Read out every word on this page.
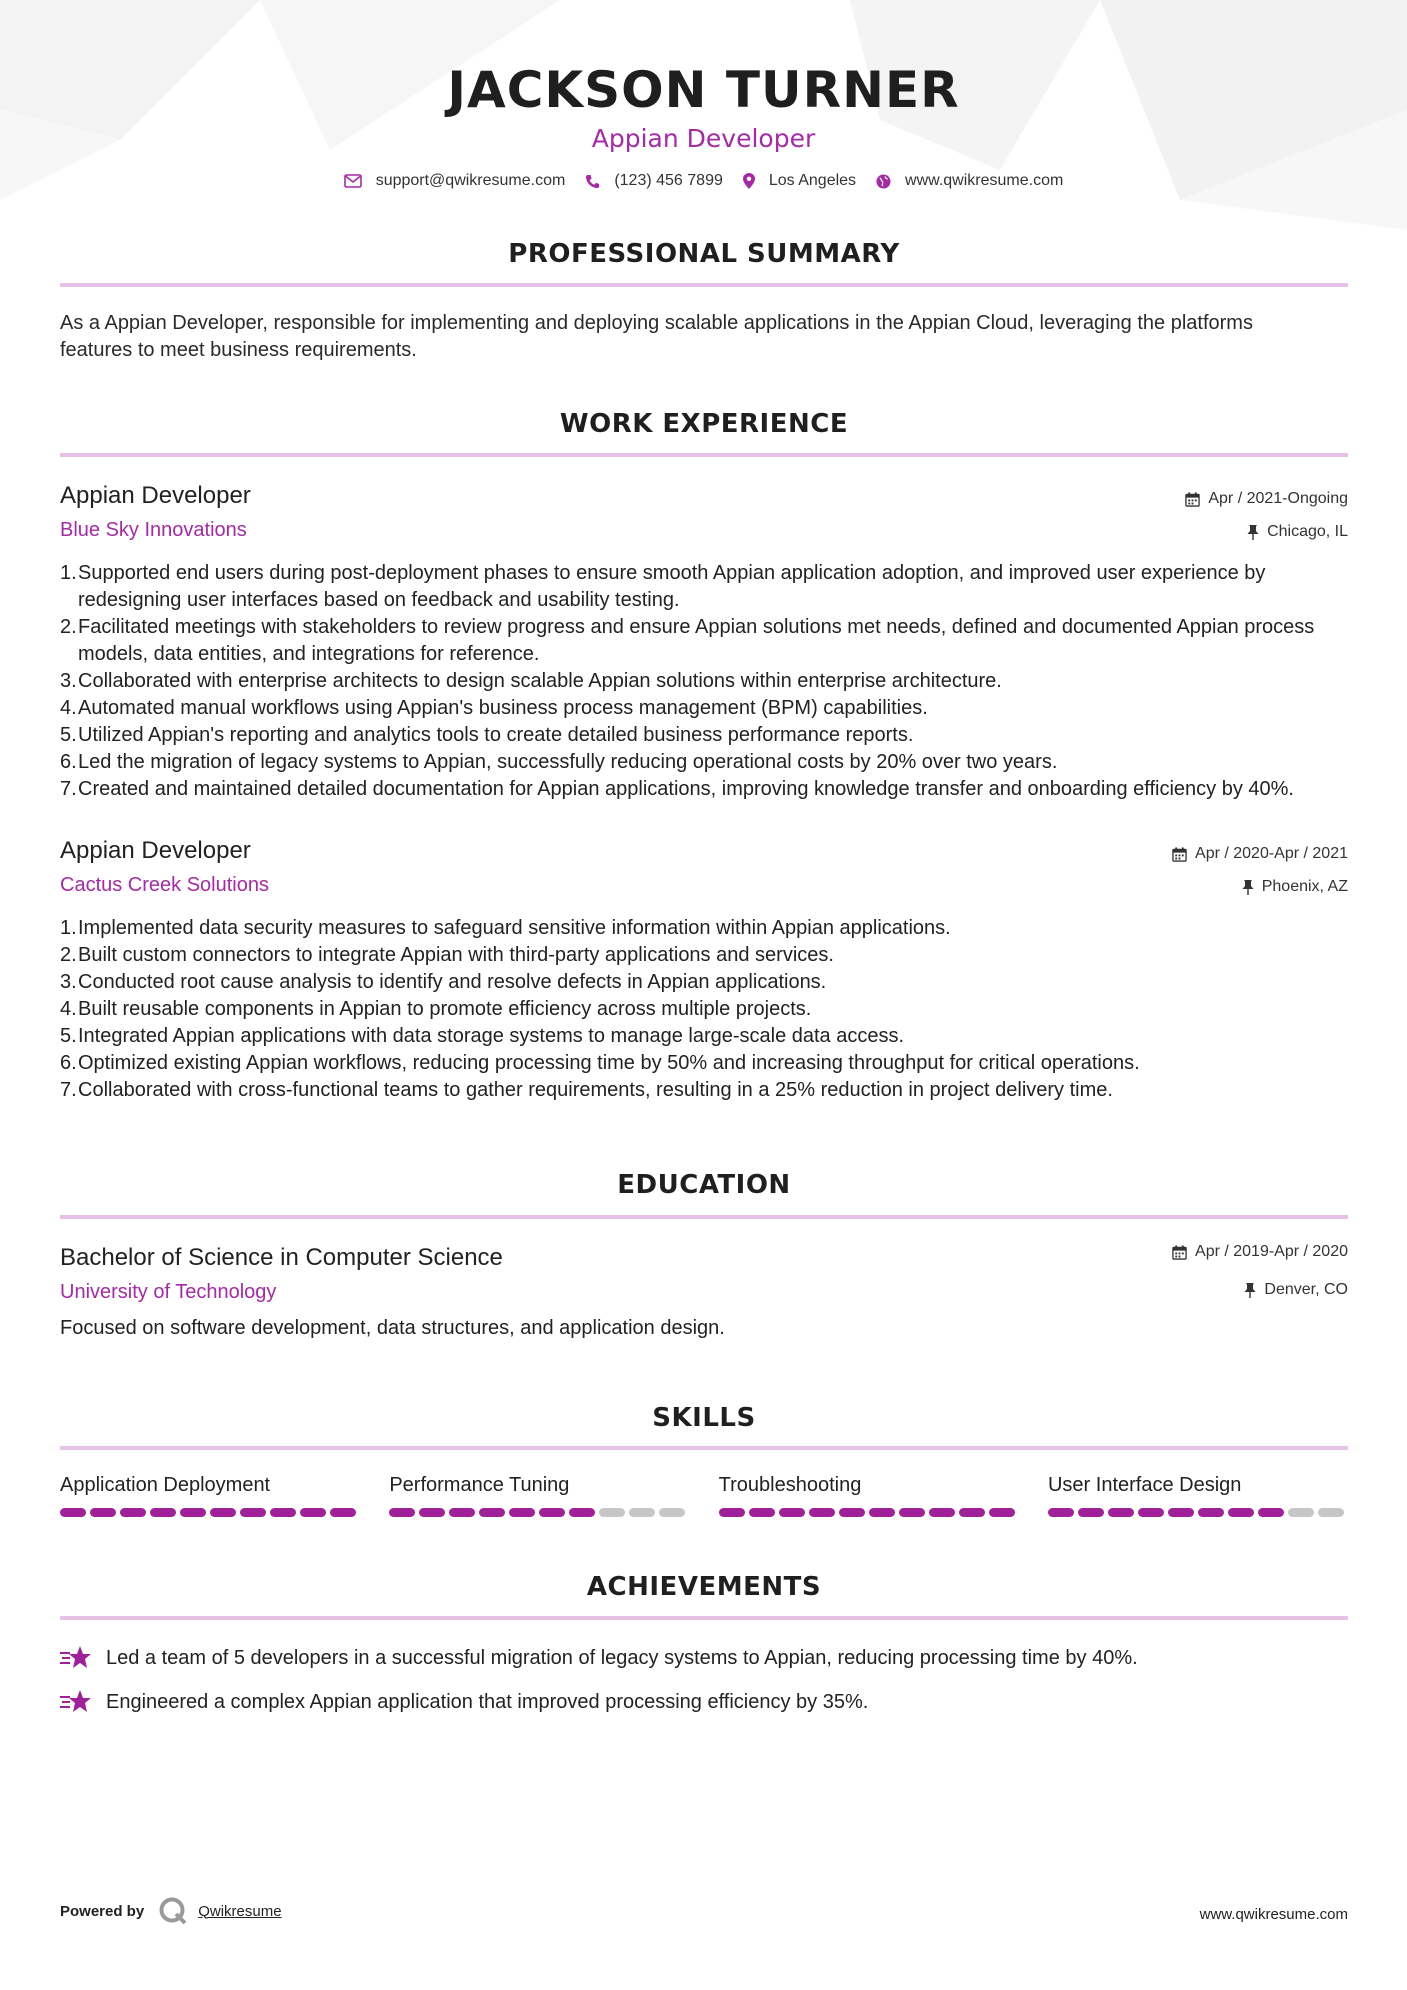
JACKSON TURNER
Appian Developer
support@qwikresume.com	(123) 456 7899	Los Angeles	www.qwikresume.com
PROFESSIONAL SUMMARY
As a Appian Developer, responsible for implementing and deploying scalable applications in the Appian Cloud, leveraging the platforms
features to meet business requirements.
WORK EXPERIENCE
Appian Developer
Blue Sky Innovations
Apr / 2021-Ongoing
Chicago, IL
1. Supported end users during post-deployment phases to ensure smooth Appian application adoption, and improved user experience by
redesigning user interfaces based on feedback and usability testing.
2. Facilitated meetings with stakeholders to review progress and ensure Appian solutions met needs, defined and documented Appian process
models, data entities, and integrations for reference.
3. Collaborated with enterprise architects to design scalable Appian solutions within enterprise architecture.
4. Automated manual workflows using Appian's business process management (BPM) capabilities.
5. Utilized Appian's reporting and analytics tools to create detailed business performance reports.
6. Led the migration of legacy systems to Appian, successfully reducing operational costs by 20% over two years.
7. Created and maintained detailed documentation for Appian applications, improving knowledge transfer and onboarding efficiency by 40%.
Appian Developer
Cactus Creek Solutions
Apr / 2020-Apr / 2021
Phoenix, AZ
1. Implemented data security measures to safeguard sensitive information within Appian applications.
2. Built custom connectors to integrate Appian with third-party applications and services.
3. Conducted root cause analysis to identify and resolve defects in Appian applications.
4. Built reusable components in Appian to promote efficiency across multiple projects.
5. Integrated Appian applications with data storage systems to manage large-scale data access.
6. Optimized existing Appian workflows, reducing processing time by 50% and increasing throughput for critical operations.
7. Collaborated with cross-functional teams to gather requirements, resulting in a 25% reduction in project delivery time.
EDUCATION
Bachelor of Science in Computer Science
University of Technology
Apr / 2019-Apr / 2020
Denver, CO
Focused on software development, data structures, and application design.
SKILLS
Application Deployment	Performance Tuning	Troubleshooting	User Interface Design
ACHIEVEMENTS
Led a team of 5 developers in a successful migration of legacy systems to Appian, reducing processing time by 40%.
Engineered a complex Appian application that improved processing efficiency by 35%.
Powered by	Qwikresume	www.qwikresume.com
